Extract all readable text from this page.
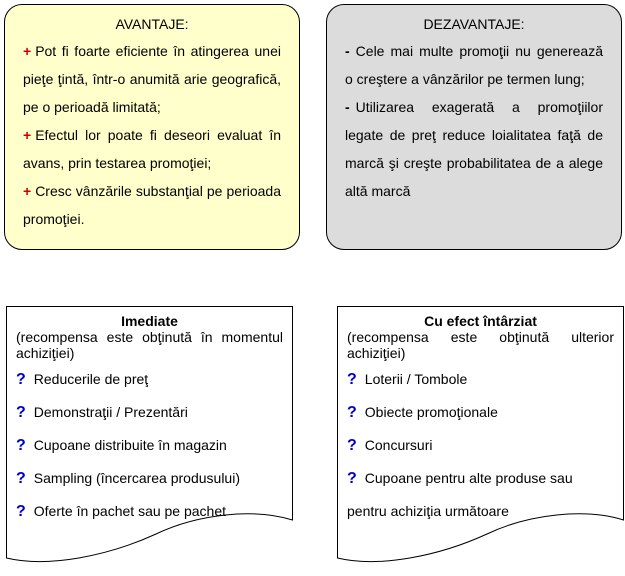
AVANTAJE:

+ Pot fi foarte eficiente în atingerea unei pieţe ţintă, într-o anumită arie geografică, pe o perioadă limitată;

+ Efectul lor poate fi deseori evaluat în avans, prin testarea promoţiei;

+ Cresc vânzările substanţial pe perioada promoţiei.

DEZAVANTAJE:

- Cele mai multe promoţii nu generează o creştere a vânzărilor pe termen lung;

- Utilizarea exagerată a promoţiilor legate de preţ reduce loialitatea faţă de marcă şi creşte probabilitatea de a alege altă marcă

Imediate
(recompensa este obţinută în momentul achiziţiei)
? Reducerile de preţ
? Demonstraţii / Prezentări
? Cupoane distribuite în magazin
? Sampling (încercarea produsului)
? Oferte în pachet sau pe pachet
Cu efect întârziat
(recompensa este obţinută ulterior achiziţiei)
? Loterii / Tombole
? Obiecte promoţionale
? Concursuri
? Cupoane pentru alte produse sau pentru achiziţia următoare
